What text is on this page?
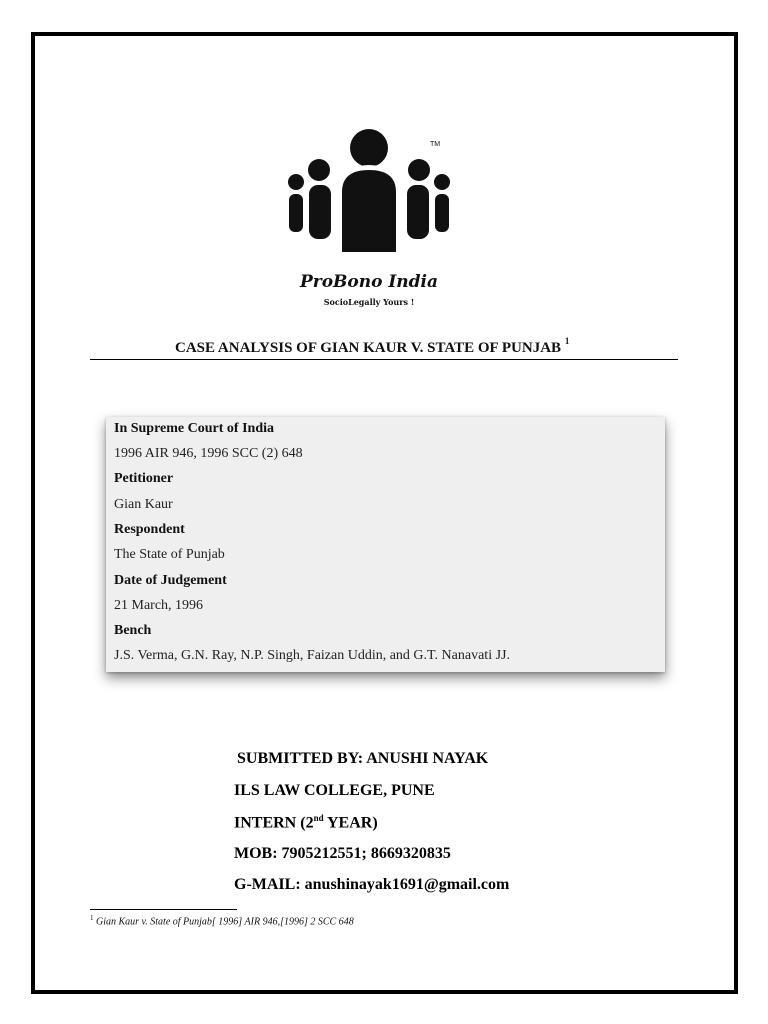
TM
ProBono India
SocioLegally Yours !
CASE ANALYSIS OF GIAN KAUR V. STATE OF PUNJAB $^1$
In Supreme Court of India
1996 AIR 946, 1996 SCC (2) 648
Petitioner
Gian Kaur
Respondent
The State of Punjab
Date of Judgement
21 March, 1996
Bench
J.S. Verma, G.N. Ray, N.P. Singh, Faizan Uddin, and G.T. Nanavati JJ.
SUBMITTED BY: ANUSHI NAYAK
ILS LAW COLLEGE, PUNE
INTERN (2nd YEAR)
MOB: 7905212551; 8669320835
G-MAIL: anushinayak1691@gmail.com
$^1$ Gian Kaur v. State of Punjab[ 1996] AIR 946,[1996] 2 SCC 648
